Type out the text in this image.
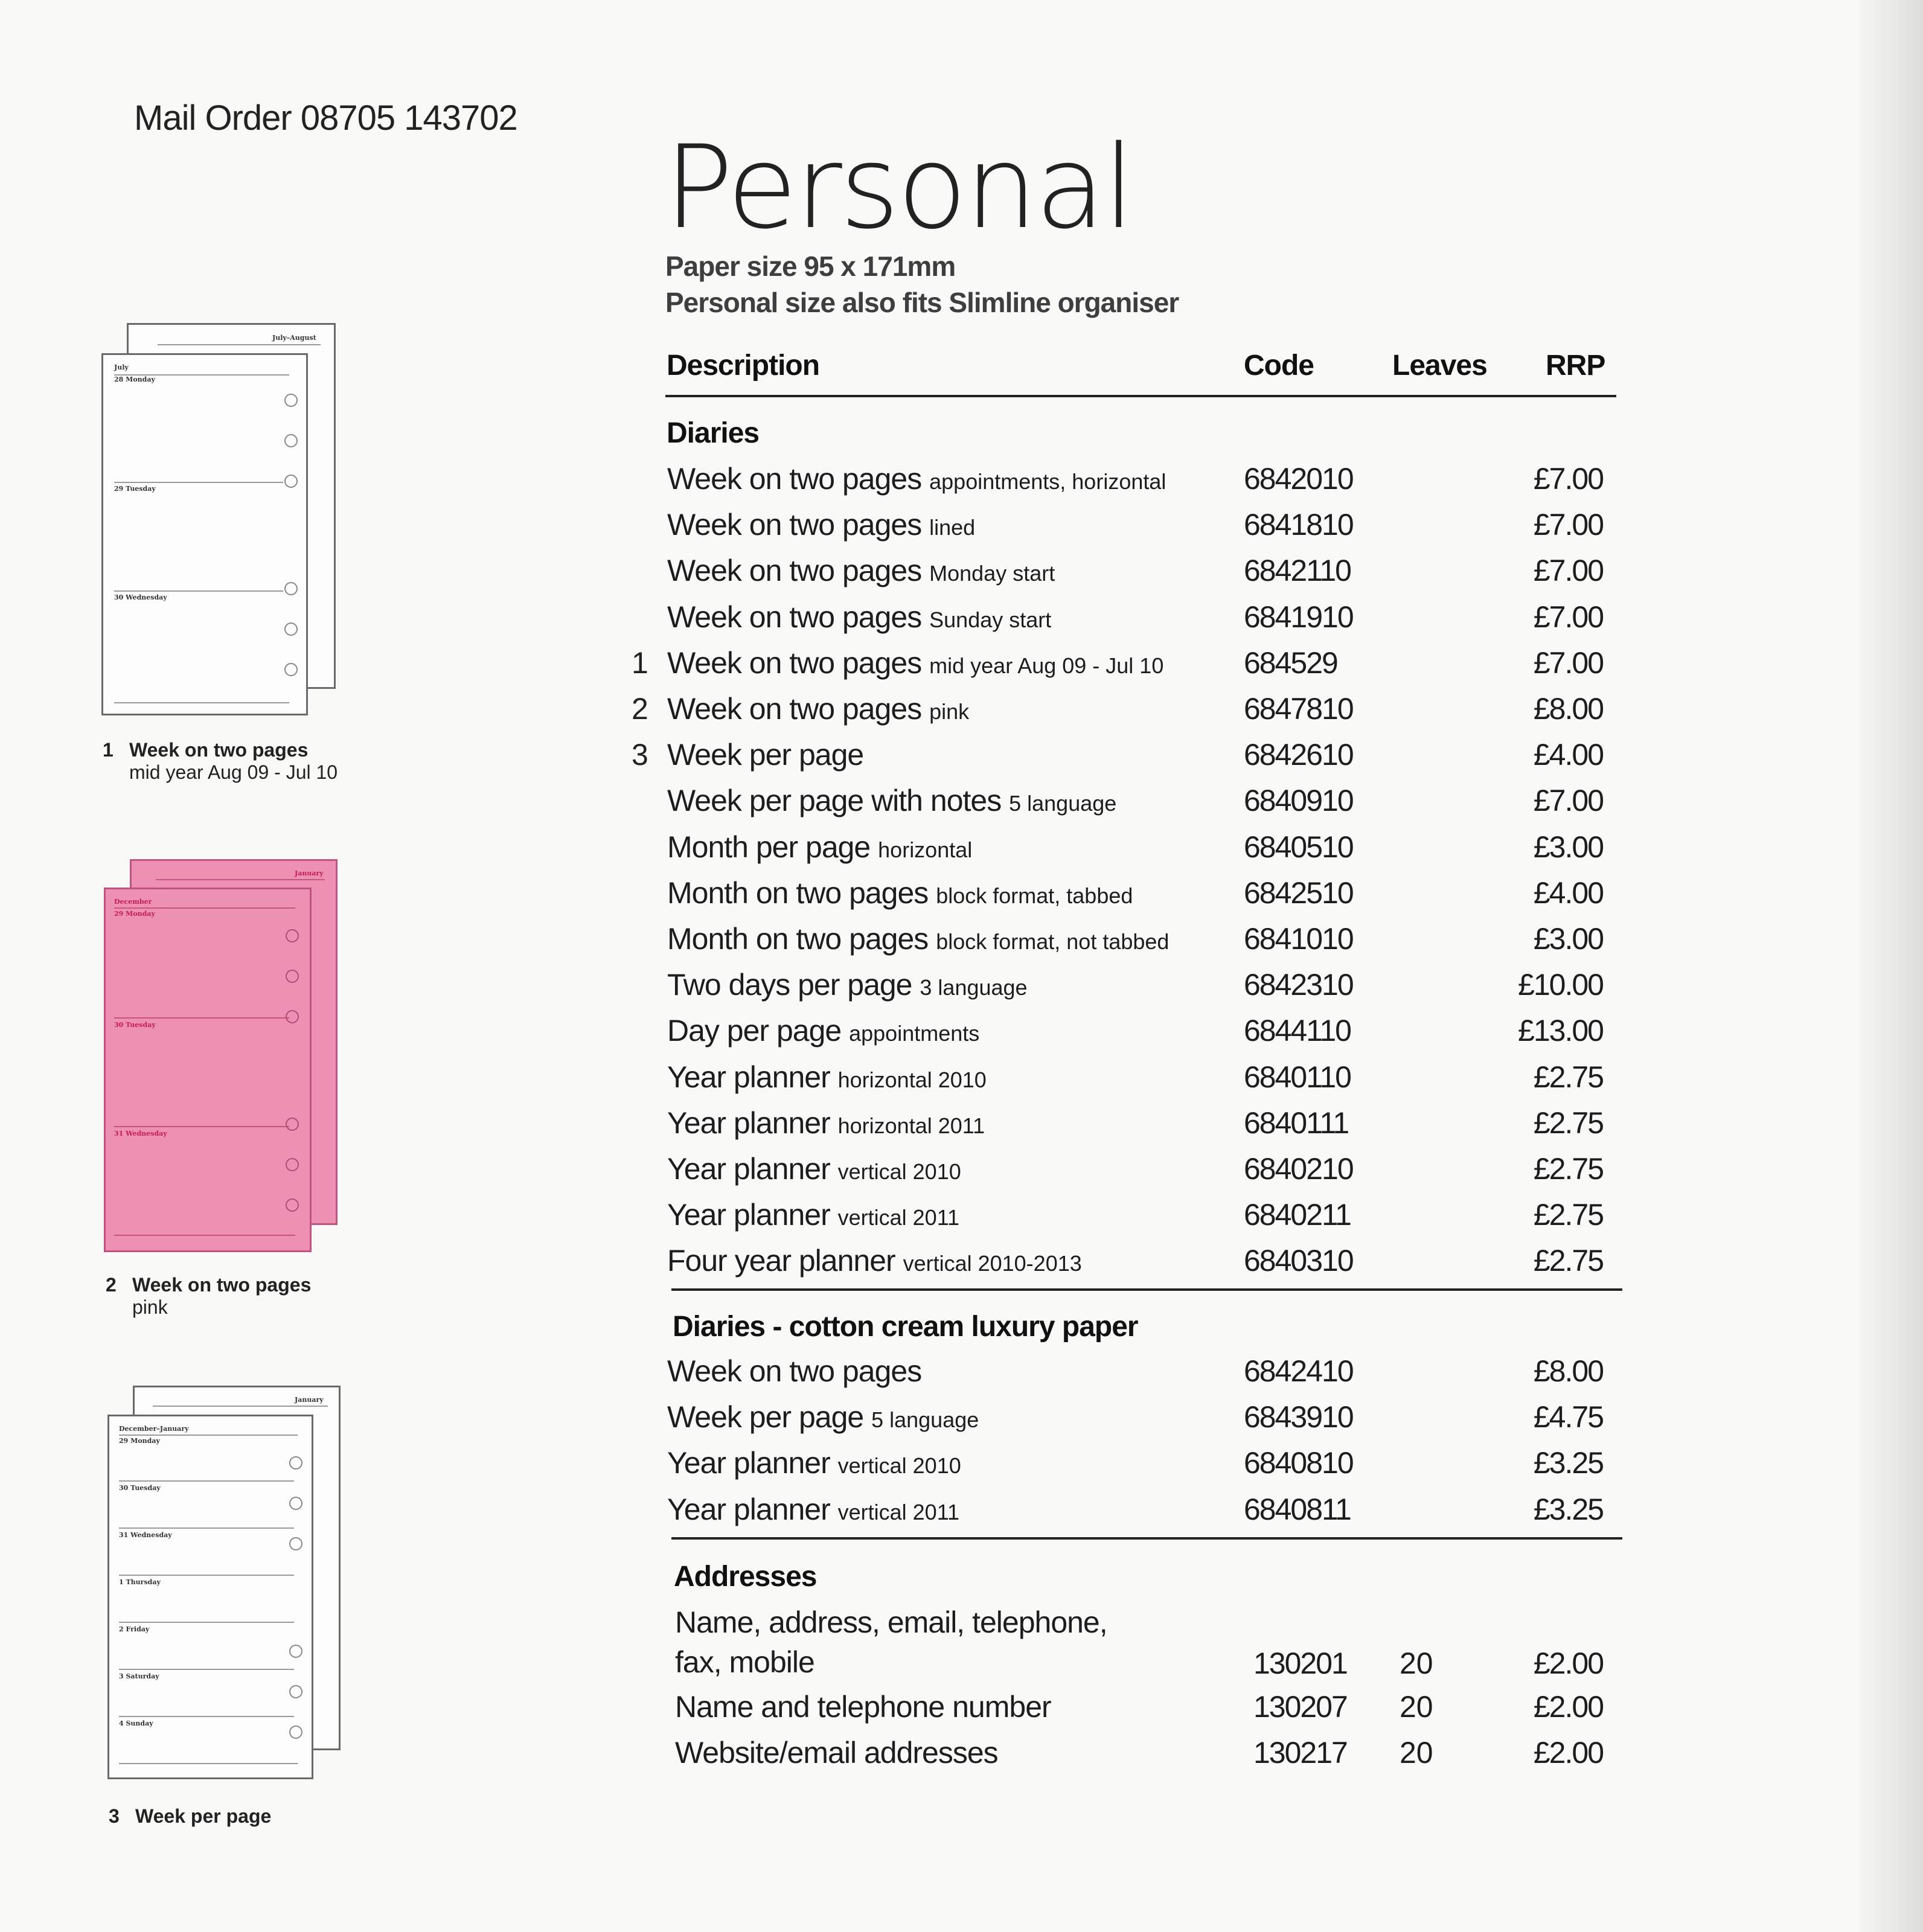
Mail Order 08705 143702
Personal
Paper size 95 x 171mm
Personal size also fits Slimline organiser
Description	Code	Leaves RRP
Diaries
Week on two pages appointments, horizontal	6842010	£7.00
Week on two pages lined	6841810	£7.00
Week on two pages Monday start	6842110	£7.00
Week on two pages Sunday start	6841910	£7.00
1 Week on two pages mid year Aug 09 - Jul 10	684529	£7.00
2 Week on two pages pink	6847810	£8.00
3 Week per page	6842610	£4.00
Week per page with notes 5 language	6840910	£7.00
Month per page horizontal	6840510	£3.00
Month on two pages block format, tabbed	6842510	£4.00
Month on two pages block format, not tabbed 6841010	£3.00
Two days per page 3 language	6842310	£10.00
Day per page appointments	6844110	£13.00
Year planner horizontal 2010	6840110	£2.75
Year planner horizontal 2011	6840111	£2.75
Year planner vertical 2010	6840210	£2.75
Year planner vertical 2011	6840211	£2.75
Four year planner vertical 2010-2013	6840310	£2.75
Diaries - cotton cream luxury paper
Week on two pages	6842410	£8.00
Week per page 5 language	6843910	£4.75
Year planner vertical 2010	6840810	£3.25
Year planner vertical 2011	6840811	£3.25
Addresses
Name, address, email, telephone,
fax, mobile	130201 20	£2.00
Name and telephone number	130207 20	£2.00
Website/email addresses	130217 20	£2.00
July–August
July
28 Monday
29 Tuesday
30 Wednesday
1 Week on two pages
mid year Aug 09 - Jul 10
January
December
29 Monday
30 Tuesday
31 Wednesday
2 Week on two pages
pink
January
December–January
29 Monday
30 Tuesday
31 Wednesday
1 Thursday
2 Friday
3 Saturday
4 Sunday
3 Week per page
